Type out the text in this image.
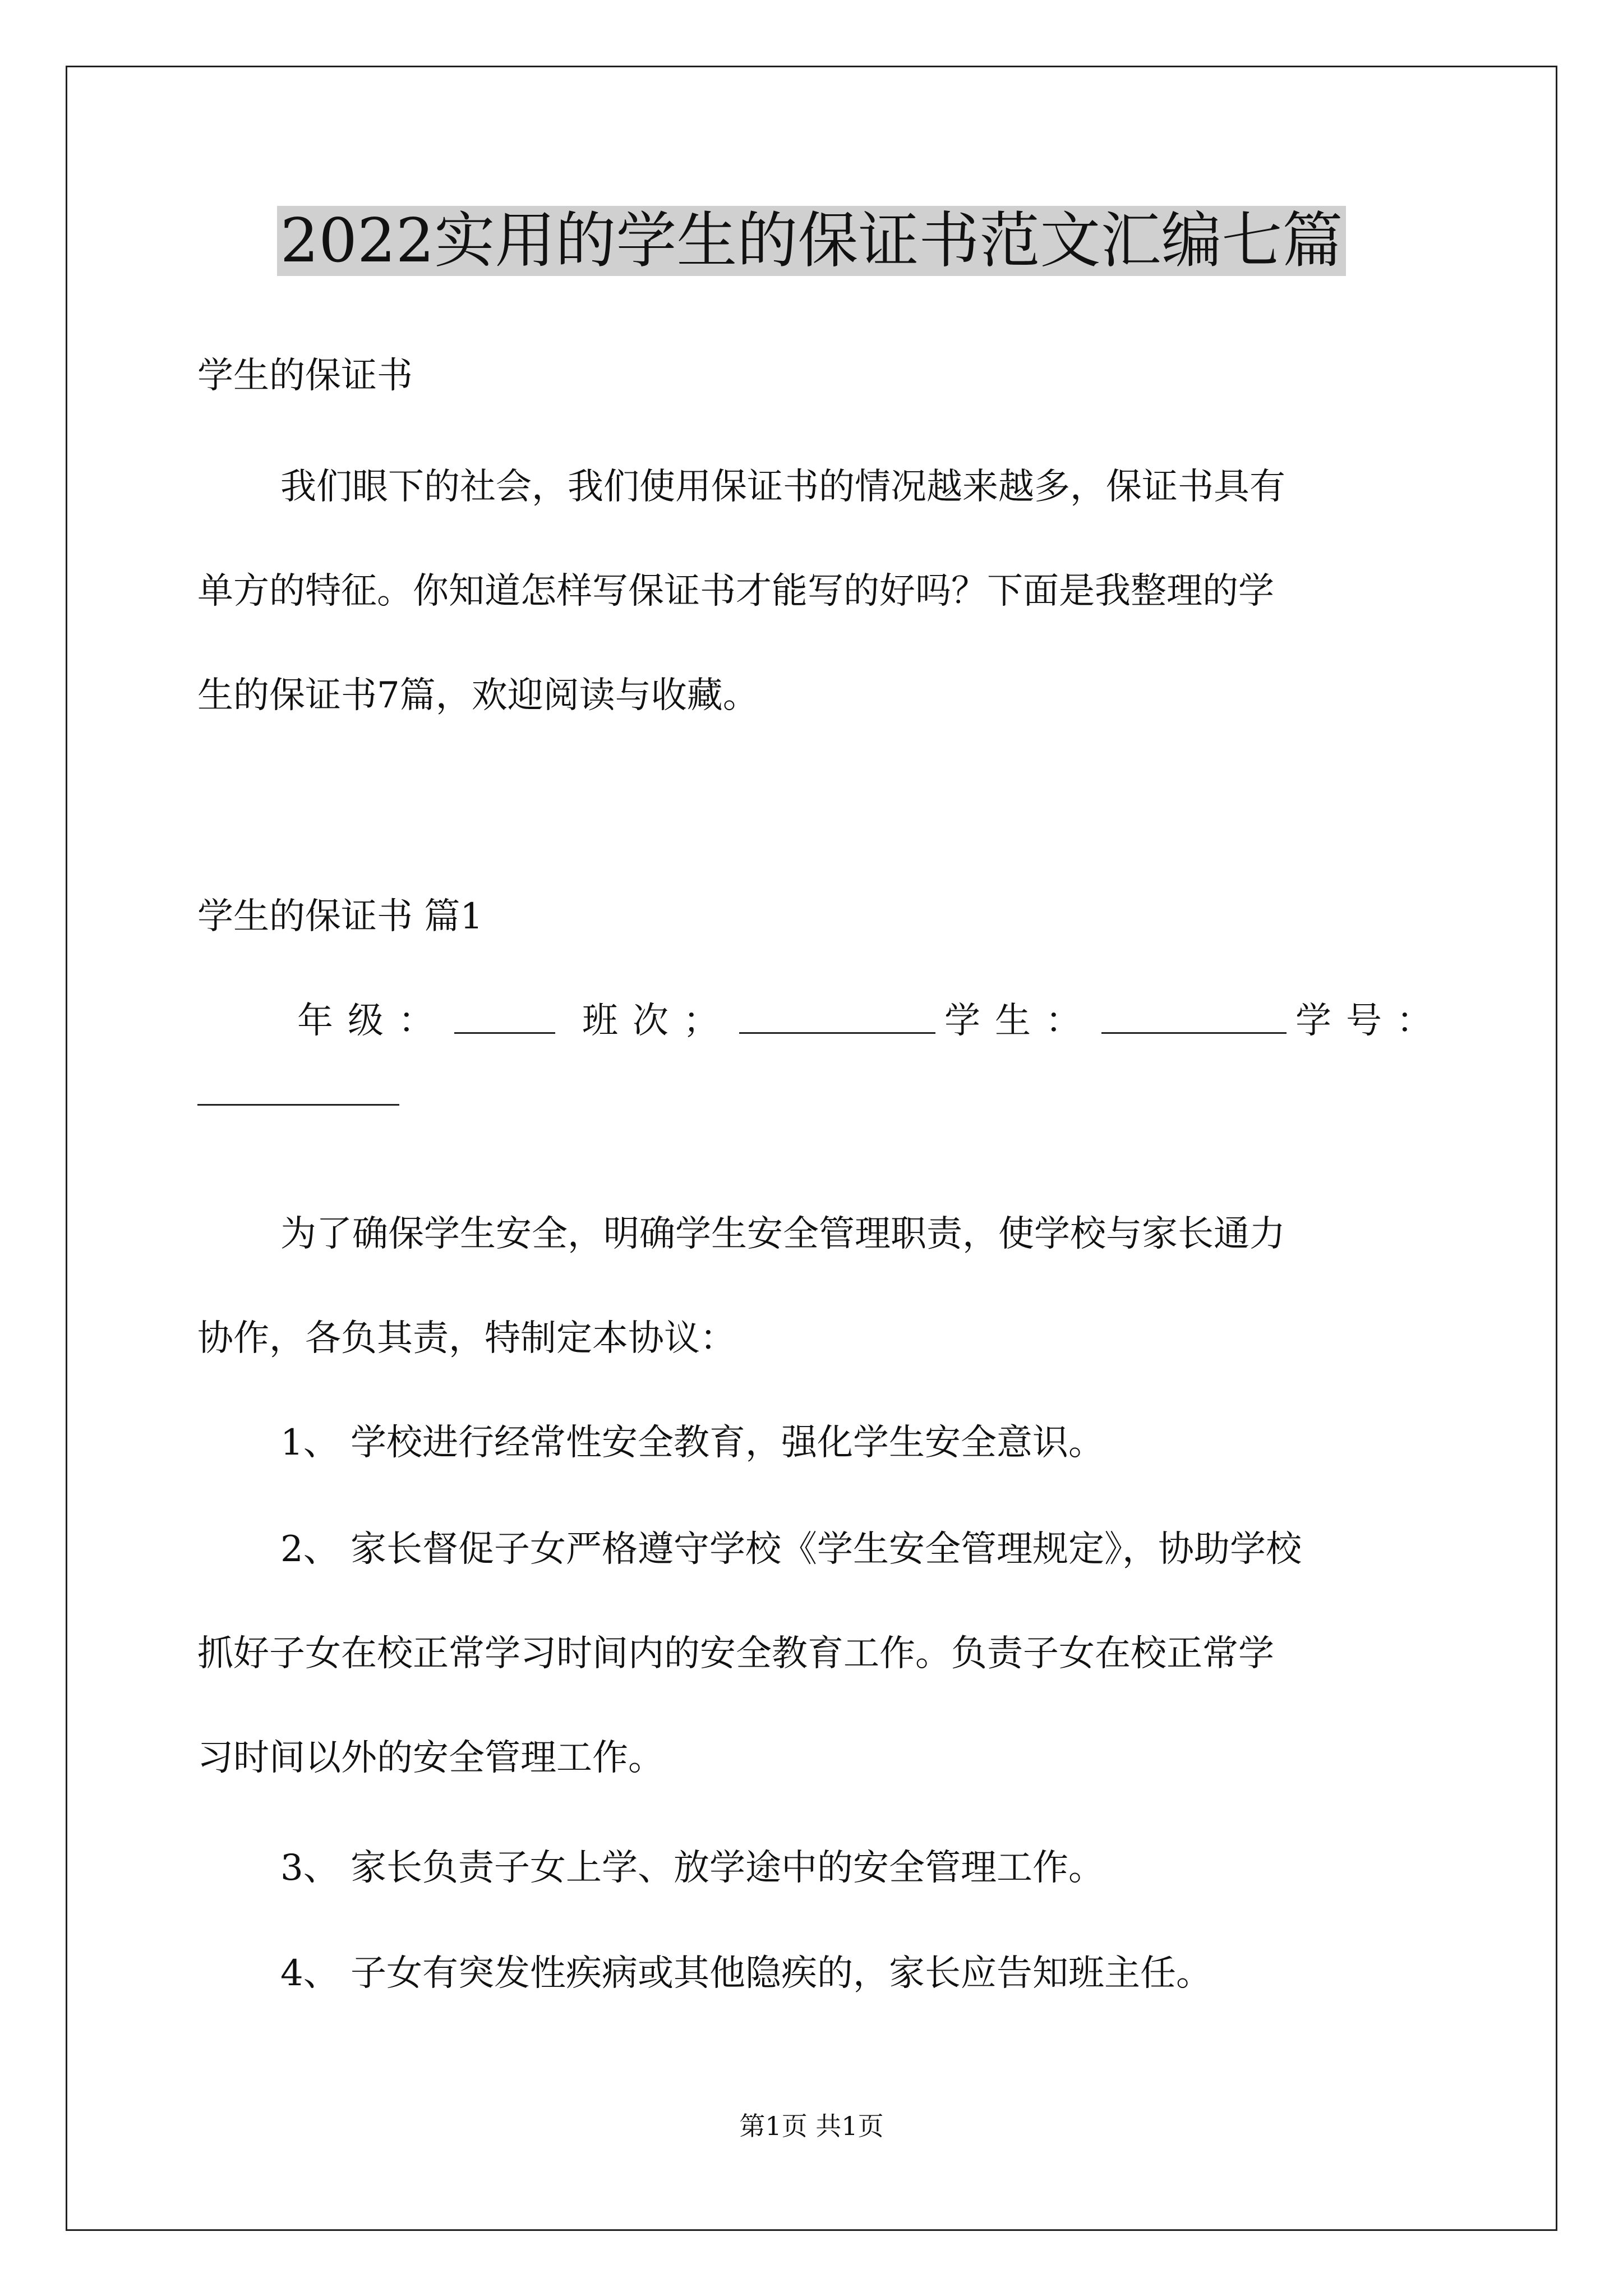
2022实用的学生的保证书范文汇编七篇
学生的保证书
我们眼下的社会，我们使用保证书的情况越来越多，保证书具有
单方的特征。你知道怎样写保证书才能写的好吗？下面是我整理的学
生的保证书7篇，欢迎阅读与收藏。
学生的保证书 篇1
年级：	班次；	学生：	学号：
为了确保学生安全，明确学生安全管理职责，使学校与家长通力
协作，各负其责，特制定本协议：
1、 学校进行经常性安全教育，强化学生安全意识。
2、 家长督促子女严格遵守学校《学生安全管理规定》，协助学校
抓好子女在校正常学习时间内的安全教育工作。负责子女在校正常学
习时间以外的安全管理工作。
3、 家长负责子女上学、放学途中的安全管理工作。
4、 子女有突发性疾病或其他隐疾的，家长应告知班主任。
第1页 共1页
